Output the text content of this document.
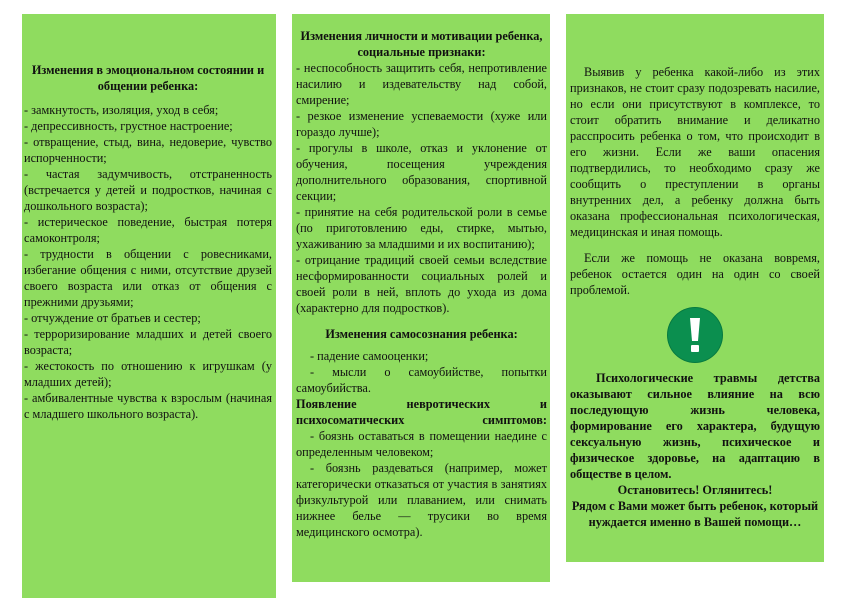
Изменения в эмоциональном состоянии и общении ребенка:

- замкнутость, изоляция, уход в себя;

- депрессивность, грустное настроение;

- отвращение, стыд, вина, недоверие, чувство испорченности;

- частая задумчивость, отстраненность (встречается у детей и подростков, начиная с дошкольного возраста);

- истерическое поведение, быстрая потеря самоконтроля;

- трудности в общении с ровесниками, избегание общения с ними, отсутствие друзей своего возраста или отказ от общения с прежними друзьями;

- отчуждение от братьев и сестер;

- терроризирование младших и детей своего возраста;

- жестокость по отношению к игрушкам (у младших детей);

- амбивалентные чувства к взрослым (начиная с младшего школьного возраста).

Изменения личности и мотивации ребенка, социальные признаки:

- неспособность защитить себя, непротивление насилию и издевательству над собой, смирение;

- резкое изменение успеваемости (хуже или гораздо лучше);

- прогулы в школе, отказ и уклонение от обучения, посещения учреждения дополнительного образования, спортивной секции;

- принятие на себя родительской роли в семье (по приготовлению еды, стирке, мытью, ухаживанию за младшими и их воспитанию);

- отрицание традиций своей семьи вследствие несформированности социальных ролей и своей роли в ней, вплоть до ухода из дома (характерно для подростков).

Изменения самосознания ребенка:

- падение самооценки;

- мысли о самоубийстве, попытки самоубийства.

Появление невротических и психосоматических симптомов:

- боязнь оставаться в помещении наедине с определенным человеком;

- боязнь раздеваться (например, может категорически отказаться от участия в занятиях физкультурой или плаванием, или снимать нижнее белье — трусики во время медицинского осмотра).

Выявив у ребенка какой-либо из этих признаков, не стоит сразу подозревать насилие, но если они присутствуют в комплексе, то стоит обратить внимание и деликатно расспросить ребенка о том, что происходит в его жизни. Если же ваши опасения подтвердились, то необходимо сразу же сообщить о преступлении в органы внутренних дел, а ребенку должна быть оказана профессиональная психологическая, медицинская и иная помощь.

Если же помощь не оказана вовремя, ребенок остается один на один со своей проблемой.

Психологические травмы детства оказывают сильное влияние на всю последующую жизнь человека, формирование его характера, будущую сексуальную жизнь, психическое и физическое здоровье, на адаптацию в обществе в целом.

Остановитесь! Оглянитесь!

Рядом с Вами может быть ребенок, который нуждается именно в Вашей помощи…
